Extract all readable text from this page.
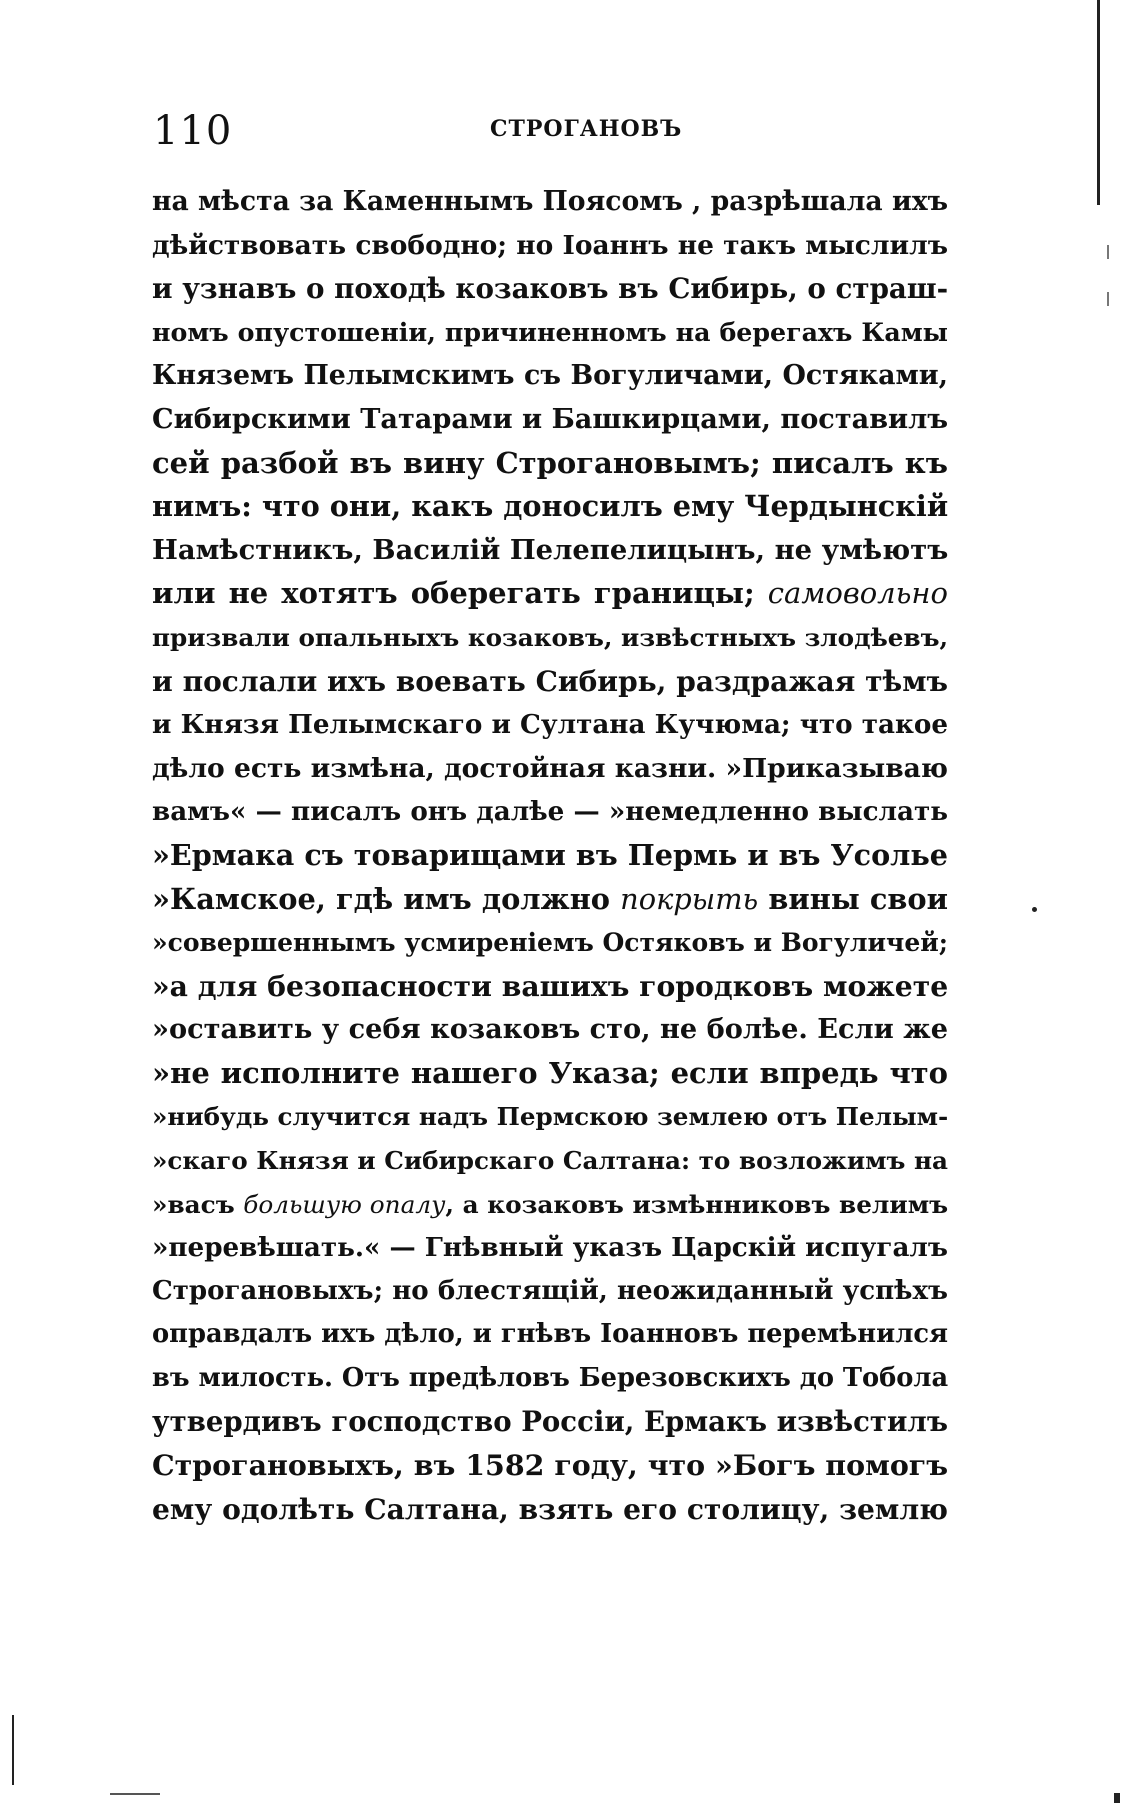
110	СТРОГАНОВЪ
на мѣста за Каменнымъ Поясомъ , разрѣшала ихъ
дѣйствовать свободно; но Іоаннъ не такъ мыслилъ
и узнавъ о походѣ козаковъ въ Сибирь, о страш-
номъ опустошеніи, причиненномъ на берегахъ Камы
Княземъ Пелымскимъ съ Вогуличами, Остяками,
Сибирскими Татарами и Башкирцами, поставилъ
сей разбой въ вину Строгановымъ; писалъ къ
нимъ: что они, какъ доносилъ ему Чердынскій
Намѣстникъ, Василій Пелепелицынъ, не умѣютъ
или не хотятъ оберегать границы; самовольно
призвали опальныхъ козаковъ, извѣстныхъ злодѣевъ,
и послали ихъ воевать Сибирь, раздражая тѣмъ
и Князя Пелымскаго и Султана Кучюма; что такое
дѣло есть измѣна, достойная казни. »Приказываю
вамъ« — писалъ онъ далѣе — »немедленно выслать
»Ермака съ товарищами въ Пермь и въ Усолье
»Камское, гдѣ имъ должно покрыть вины свои
»совершеннымъ усмиреніемъ Остяковъ и Вогуличей;
»а для безопасности вашихъ городковъ можете
»оставить у себя козаковъ сто, не болѣе. Если же
»не исполните нашего Указа; если впредь что
»нибудь случится надъ Пермскою землею отъ Пелым-
»скаго Князя и Сибирскаго Салтана: то возложимъ на
»васъ большую опалу, а козаковъ измѣнниковъ велимъ
»перевѣшать.« — Гнѣвный указъ Царскій испугалъ
Строгановыхъ; но блестящій, неожиданный успѣхъ
оправдалъ ихъ дѣло, и гнѣвъ Іоанновъ перемѣнился
въ милость. Отъ предѣловъ Березовскихъ до Тобола
утвердивъ господство Россіи, Ермакъ извѣстилъ
Строгановыхъ, въ 1582 году, что »Богъ помогъ
ему одолѣть Салтана, взять его столицу, землю
